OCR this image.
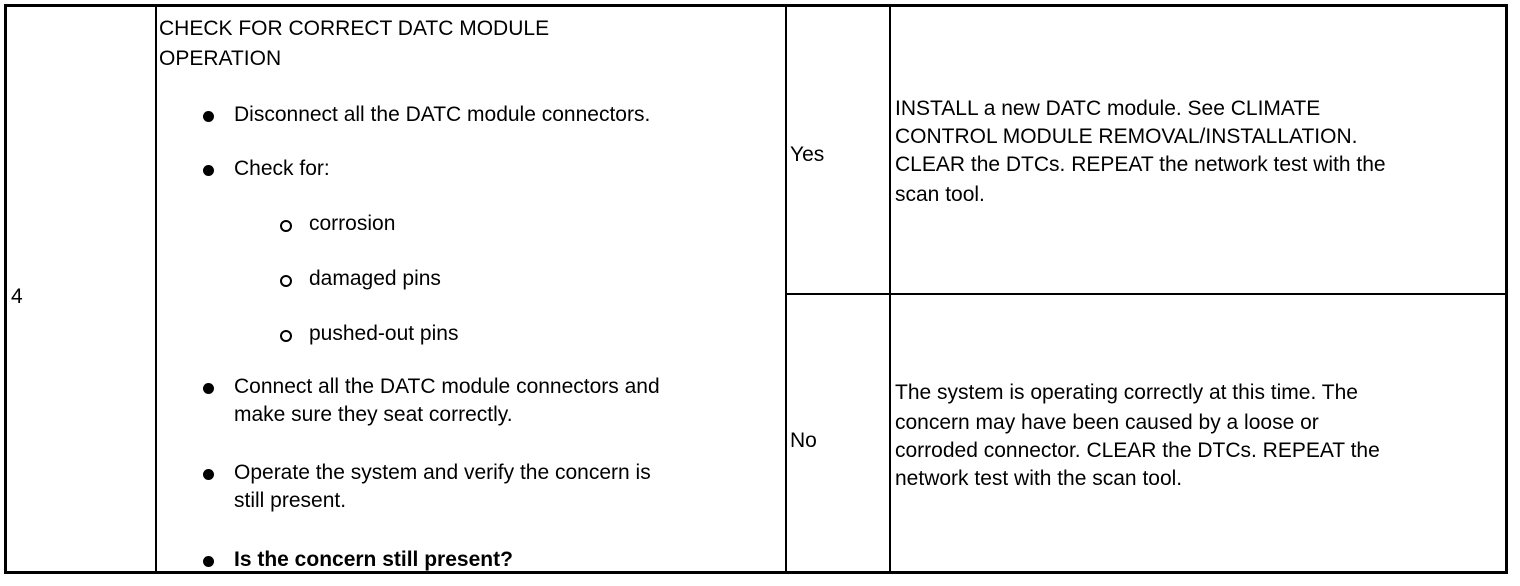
4
CHECK FOR CORRECT DATC MODULE
OPERATION
Disconnect all the DATC module connectors.
Check for:
corrosion
damaged pins
pushed-out pins
Connect all the DATC module connectors and
make sure they seat correctly.
Operate the system and verify the concern is
still present.
Is the concern still present?
Yes
INSTALL a new DATC module. See CLIMATE
CONTROL MODULE REMOVAL/INSTALLATION.
CLEAR the DTCs. REPEAT the network test with the
scan tool.
No
The system is operating correctly at this time. The
concern may have been caused by a loose or
corroded connector. CLEAR the DTCs. REPEAT the
network test with the scan tool.
